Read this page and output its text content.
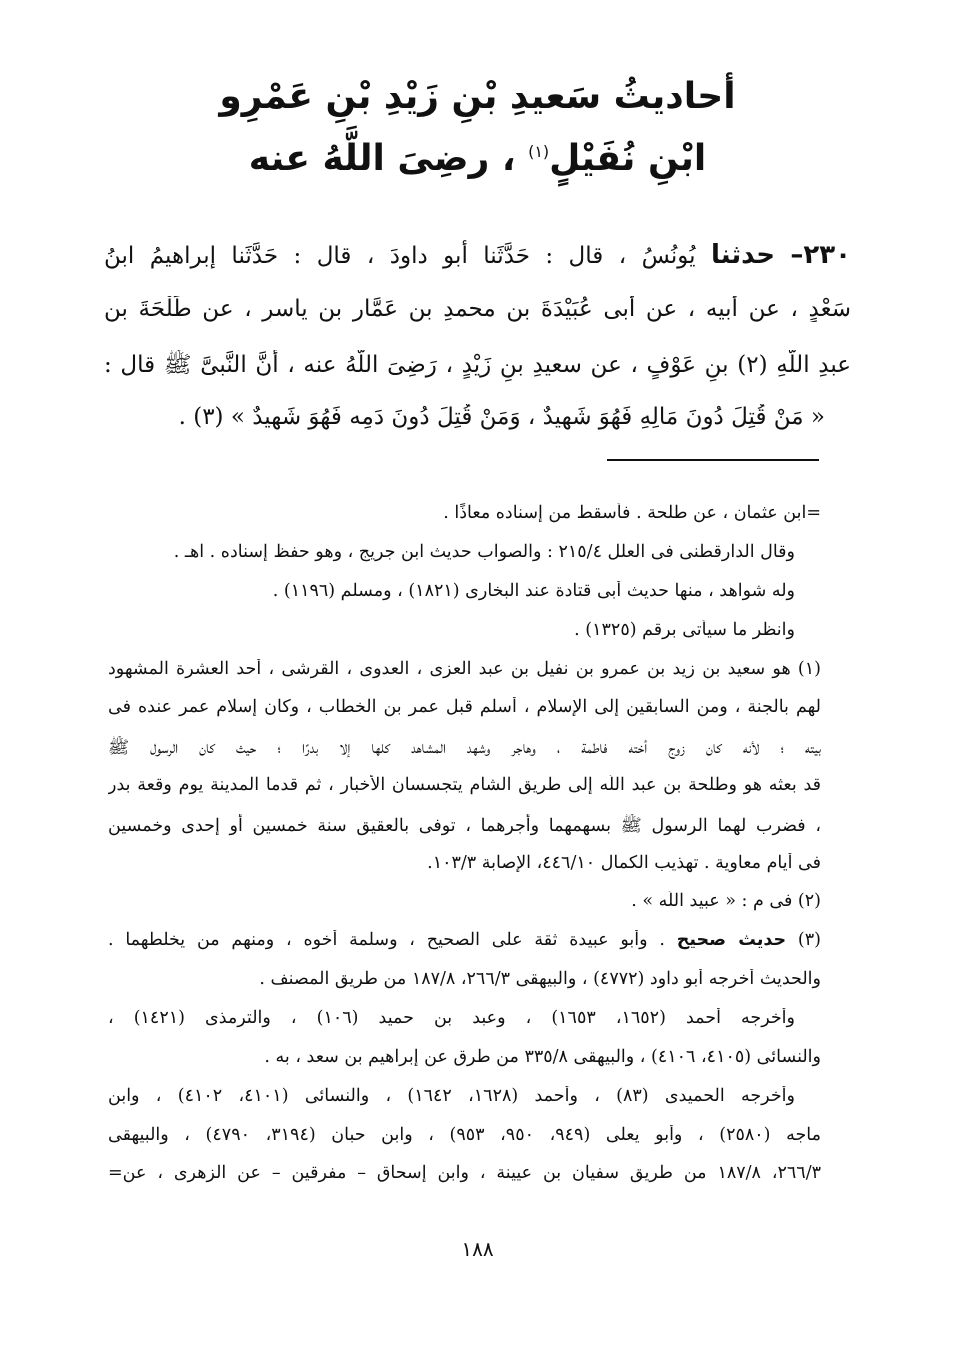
أحاديثُ سَعيدِ بْنِ زَيْدِ بْنِ عَمْرِو
ابْنِ نُفَيْلٍ$^{(١)}$ ، رضِىَ اللَّهُ عنه
٢٣٠– حدثنا يُونُسُ ، قال : حَدَّثَنا أبو داودَ ، قال : حَدَّثَنا إبراهيمُ ابنُ
سَعْدٍ ، عن أبيه ، عن أبى عُبَيْدَةَ بنِ محمدِ بنِ عَمَّارِ بنِ ياسرٍ ، عن طَلْحَةَ بنِ
عبدِ اللَّهِ (٢) بنِ عَوْفٍ ، عن سعيدِ بنِ زَيْدٍ ، رَضِىَ اللَّهُ عنه ، أنَّ النَّبىَّ ﷺ قال :
« مَنْ قُتِلَ دُونَ مَالِهِ فَهُوَ شَهِيدٌ ، وَمَنْ قُتِلَ دُونَ دَمِه فَهُوَ شَهِيدٌ » (٣) .
=ابن عثمان ، عن طلحة . فأسقط من إسناده معاذًا .
وقال الدارقطنى فى العلل ٢١٥/٤ : والصواب حديث ابن جريج ، وهو حفظ إسناده . اهـ .
وله شواهد ، منها حديث أبى قتادة عند البخارى (١٨٢١) ، ومسلم (١١٩٦) .
وانظر ما سيأتى برقم (١٣٢٥) .
(١) هو سعيد بن زيد بن عمرو بن نفيل بن عبد العزى ، العدوى ، القرشى ، أحد العشرة المشهود
لهم بالجنة ، ومن السابقين إلى الإسلام ، أسلم قبل عمر بن الخطاب ، وكان إسلام عمر عنده فى
بيته ؛ لأنه كان زوج أخته فاطمة ، وهاجر وشهد المشاهد كلها إلا بدرًا ؛ حيث كان الرسول ﷺ
قد بعثه هو وطلحة بن عبد اللَّه إلى طريق الشام يتجسسان الأخبار ، ثم قدما المدينة يوم وقعة بدر
، فضرب لهما الرسول ﷺ بسهمهما وأجرهما ، توفى بالعقيق سنة خمسين أو إحدى وخمسين
فى أيام معاوية . تهذيب الكمال ٤٤٦/١٠، الإصابة ١٠٣/٣.
(٢) فى م : « عبيد اللَّه » .
(٣) حديث صحيح . وأبو عبيدة ثقة على الصحيح ، وسلمة أخوه ، ومنهم من يخلطهما .
والحديث أخرجه أبو داود (٤٧٧٢) ، والبيهقى ٢٦٦/٣، ١٨٧/٨ من طريق المصنف .
وأخرجه أحمد (١٦٥٢، ١٦٥٣) ، وعبد بن حميد (١٠٦) ، والترمذى (١٤٢١) ،
والنسائى (٤١٠٥، ٤١٠٦) ، والبيهقى ٣٣٥/٨ من طرق عن إبراهيم بن سعد ، به .
وأخرجه الحميدى (٨٣) ، وأحمد (١٦٢٨، ١٦٤٢) ، والنسائى (٤١٠١، ٤١٠٢) ، وابن
ماجه (٢٥٨٠) ، وأبو يعلى (٩٤٩، ٩٥٠، ٩٥٣) ، وابن حبان (٣١٩٤، ٤٧٩٠) ، والبيهقى
٢٦٦/٣، ١٨٧/٨ من طريق سفيان بن عيينة ، وابن إسحاق – مفرقين – عن الزهرى ، عن=
١٨٨
